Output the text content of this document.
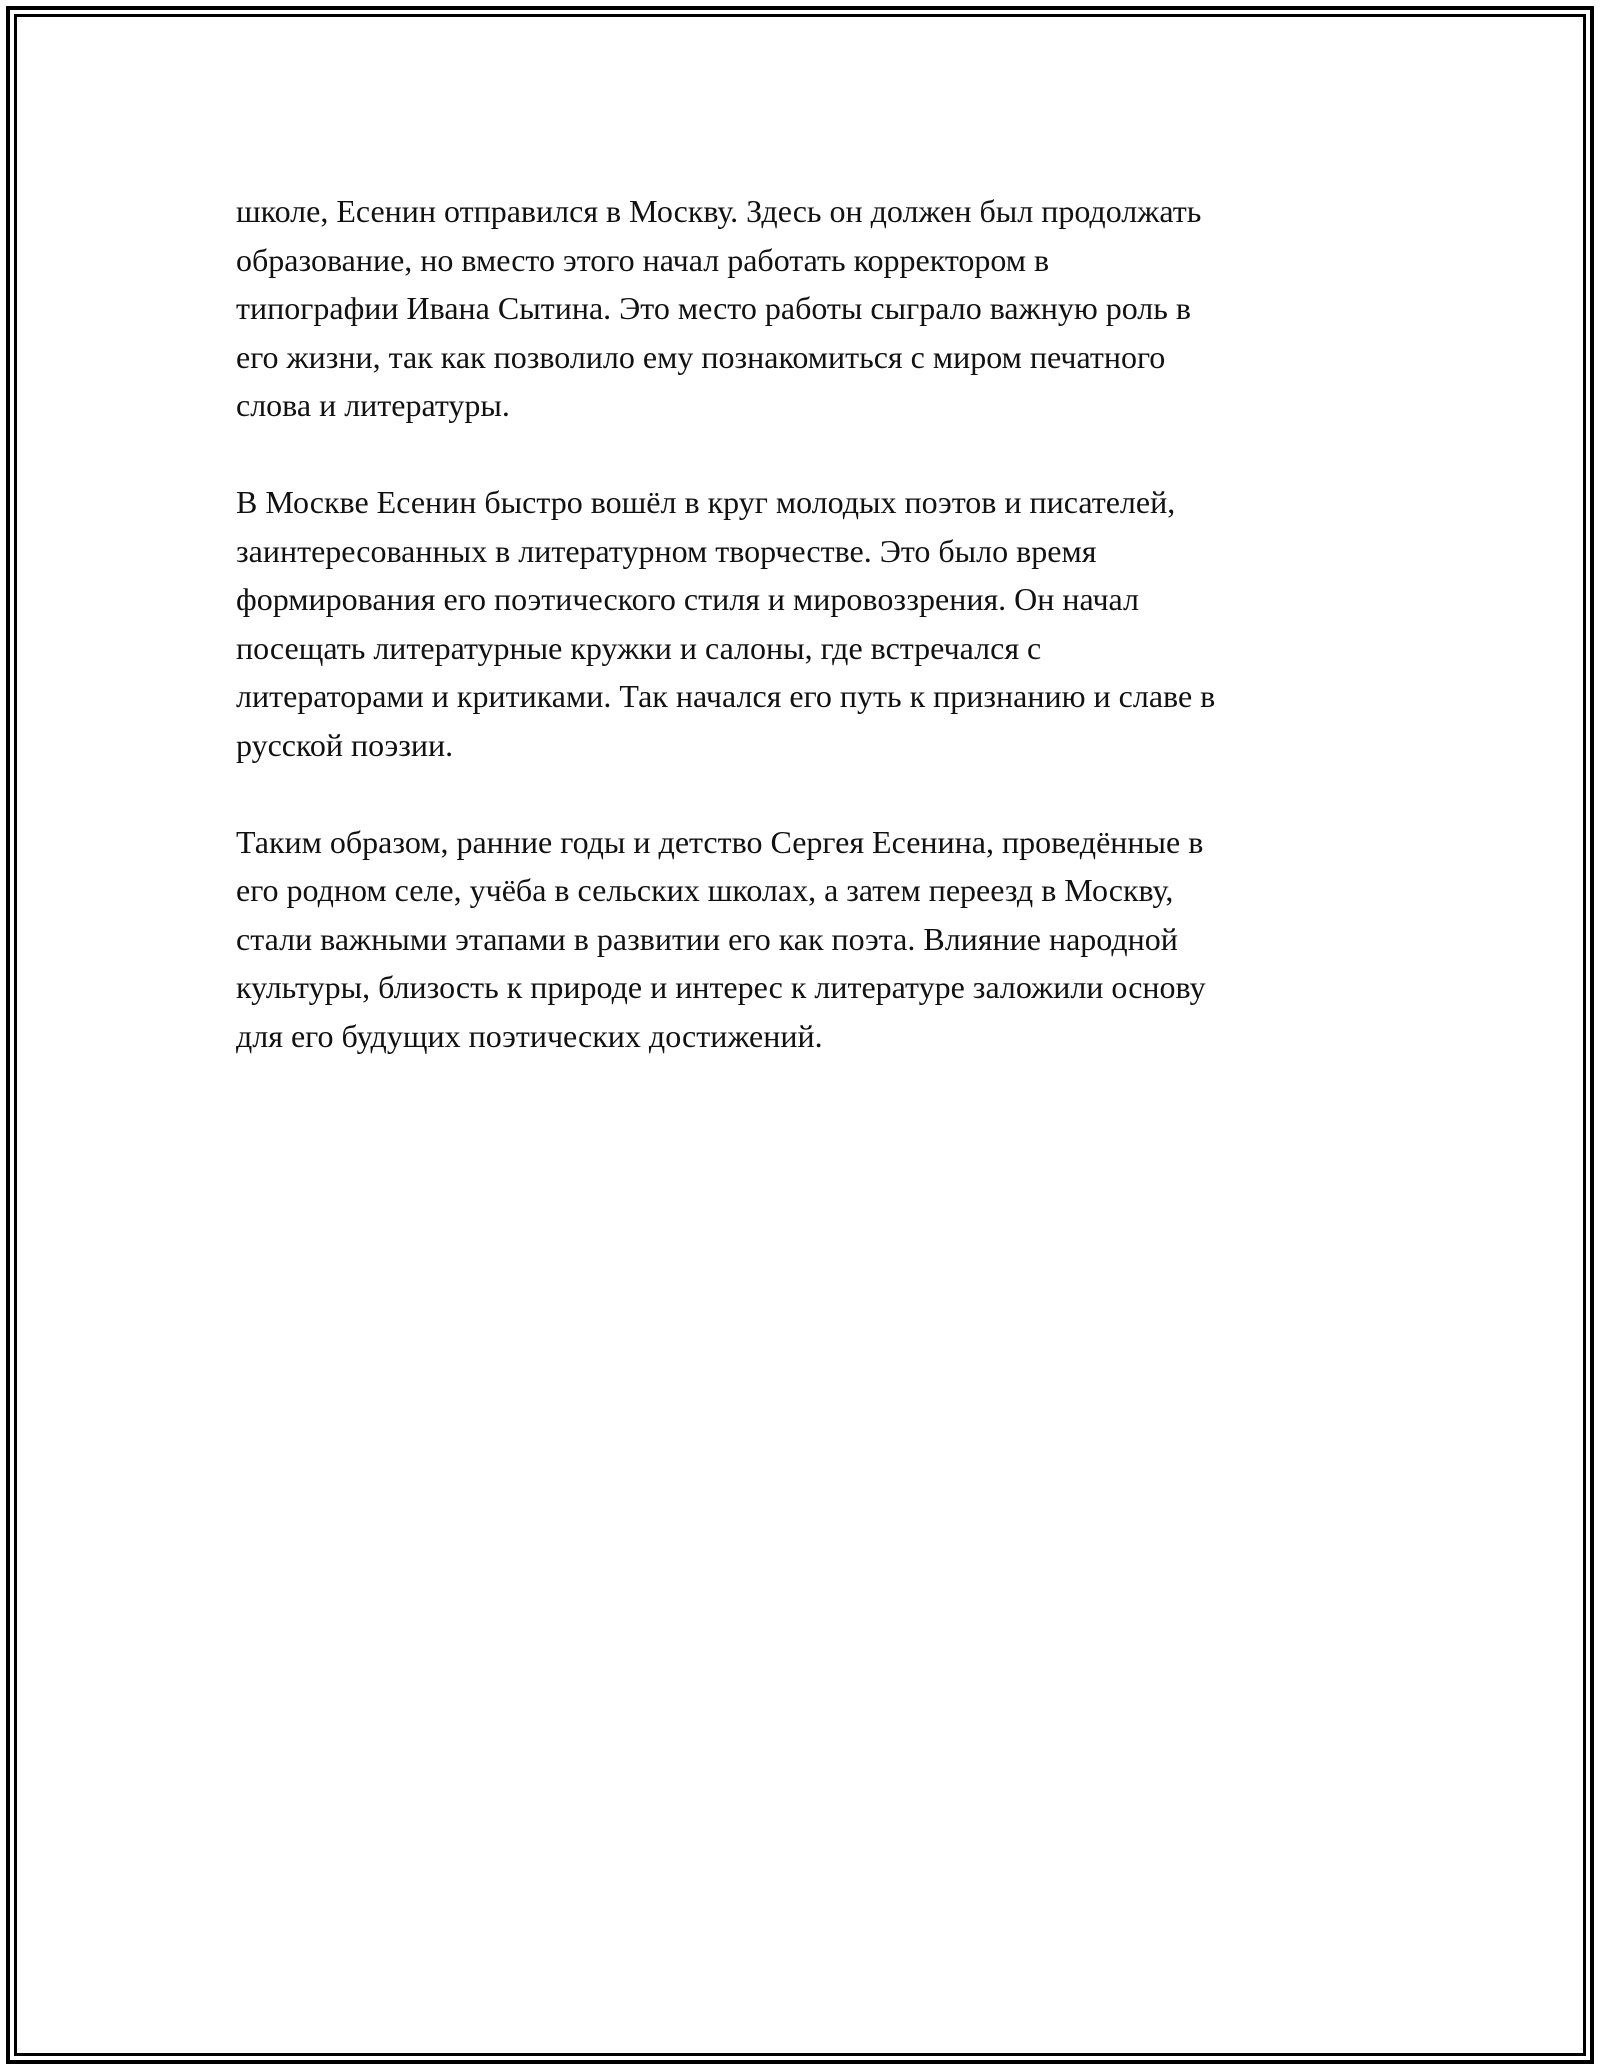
школе, Есенин отправился в Москву. Здесь он должен был продолжать
образование, но вместо этого начал работать корректором в
типографии Ивана Сытина. Это место работы сыграло важную роль в
его жизни, так как позволило ему познакомиться с миром печатного
слова и литературы.
В Москве Есенин быстро вошёл в круг молодых поэтов и писателей,
заинтересованных в литературном творчестве. Это было время
формирования его поэтического стиля и мировоззрения. Он начал
посещать литературные кружки и салоны, где встречался с
литераторами и критиками. Так начался его путь к признанию и славе в
русской поэзии.
Таким образом, ранние годы и детство Сергея Есенина, проведённые в
его родном селе, учёба в сельских школах, а затем переезд в Москву,
стали важными этапами в развитии его как поэта. Влияние народной
культуры, близость к природе и интерес к литературе заложили основу
для его будущих поэтических достижений.
